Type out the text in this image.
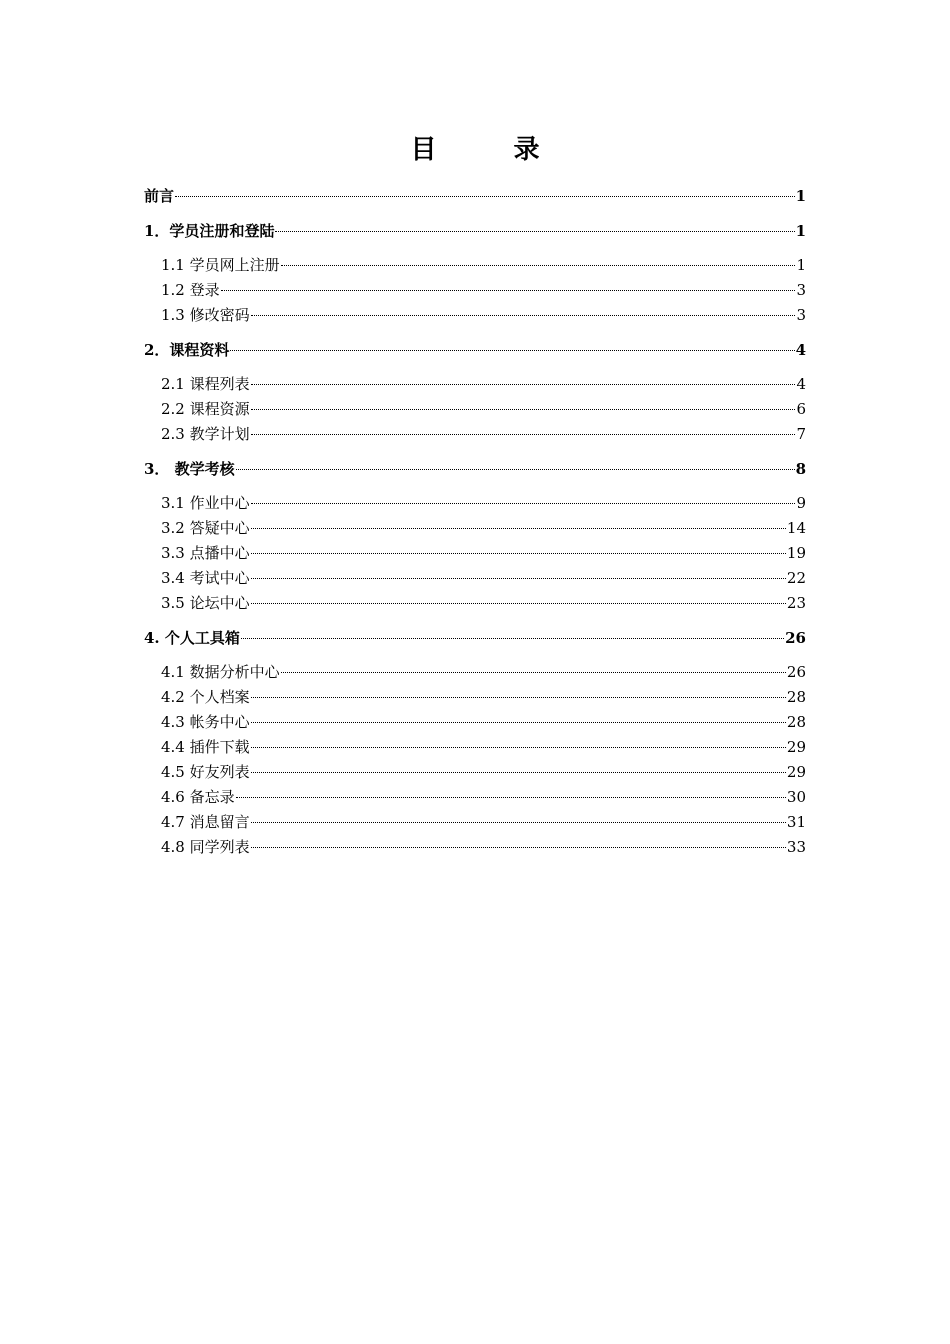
目 录
前言	1
1．学员注册和登陆	1
1.1 学员网上注册	1
1.2 登录	3
1.3 修改密码	3
2．课程资料	4
2.1 课程列表	4
2.2 课程资源	6
2.3 教学计划	7
3． 教学考核	8
3.1 作业中心	9
3.2 答疑中心	14
3.3 点播中心	19
3.4 考试中心	22
3.5 论坛中心	23
4. 个人工具箱	26
4.1 数据分析中心	26
4.2 个人档案	28
4.3 帐务中心	28
4.4 插件下载	29
4.5 好友列表	29
4.6 备忘录	30
4.7 消息留言	31
4.8 同学列表	33
